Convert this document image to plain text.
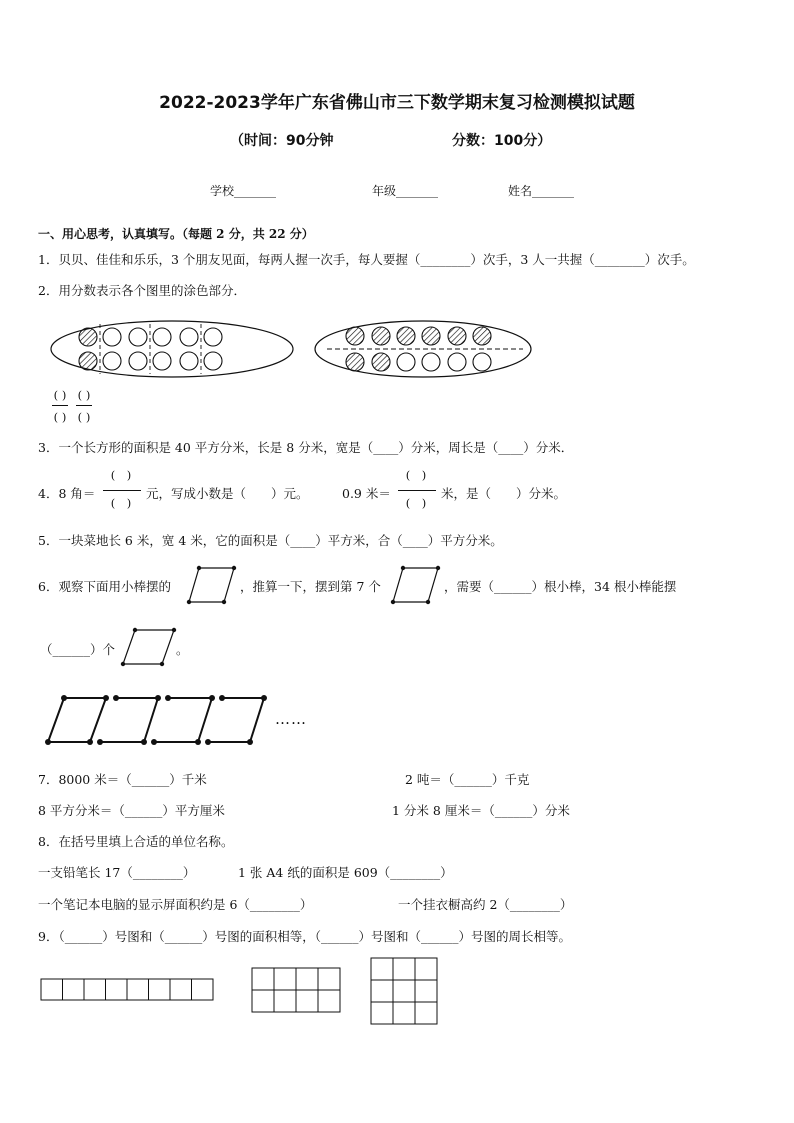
2022-2023学年广东省佛山市三下数学期末复习检测模拟试题
（时间：90分钟	分数：100分）
学校_______	年级_______	姓名_______
一、用心思考，认真填写。（每题 2 分，共 22 分）
1．贝贝、佳佳和乐乐，3 个朋友见面，每两人握一次手，每人要握（________）次手，3 人一共握（________）次手。
2．用分数表示各个图里的涂色部分．
( )
( )
( )
( )
3．一个长方形的面积是 40 平方分米，长是 8 分米，宽是（____）分米，周长是（____）分米．
4．8 角＝
(　)
(　)
元，写成小数是（　　）元。	0.9 米＝
(　)
(　)
米，是（　　）分米。
5．一块菜地长 6 米，宽 4 米，它的面积是（____）平方米，合（____）平方分米。
6．观察下面用小棒摆的	，推算一下，摆到第 7 个	，需要（______）根小棒，34 根小棒能摆
（______）个	。
……
7．8000 米＝（______）千米	2 吨＝（______）千克
8 平方分米＝（______）平方厘米	1 分米 8 厘米＝（______）分米
8．在括号里填上合适的单位名称。
一支铅笔长 17（________）	1 张 A4 纸的面积是 609（________）
一个笔记本电脑的显示屏面积约是 6（________）	一个挂衣橱高约 2（________）
9．（______）号图和（______）号图的面积相等，（______）号图和（______）号图的周长相等。
